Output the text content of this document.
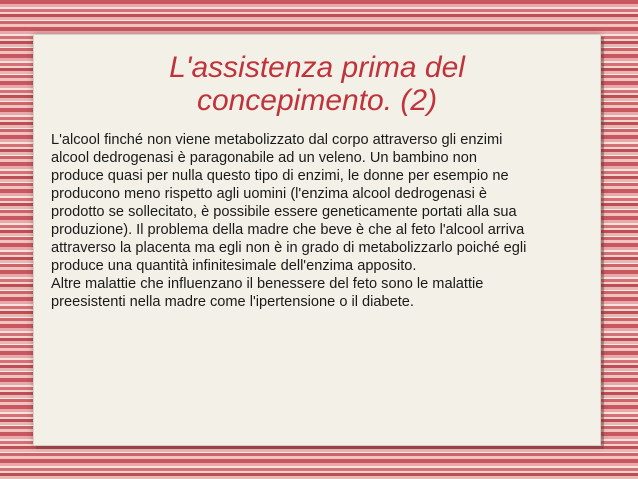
L'assistenza prima del
concepimento. (2)
L'alcool finché non viene metabolizzato dal corpo attraverso gli enzimi
alcool dedrogenasi è paragonabile ad un veleno. Un bambino non
produce quasi per nulla questo tipo di enzimi, le donne per esempio ne
producono meno rispetto agli uomini (l'enzima alcool dedrogenasi è
prodotto se sollecitato, è possibile essere geneticamente portati alla sua
produzione). Il problema della madre che beve è che al feto l'alcool arriva
attraverso la placenta ma egli non è in grado di metabolizzarlo poiché egli
produce una quantità infinitesimale dell'enzima apposito.
Altre malattie che influenzano il benessere del feto sono le malattie
preesistenti nella madre come l'ipertensione o il diabete.
